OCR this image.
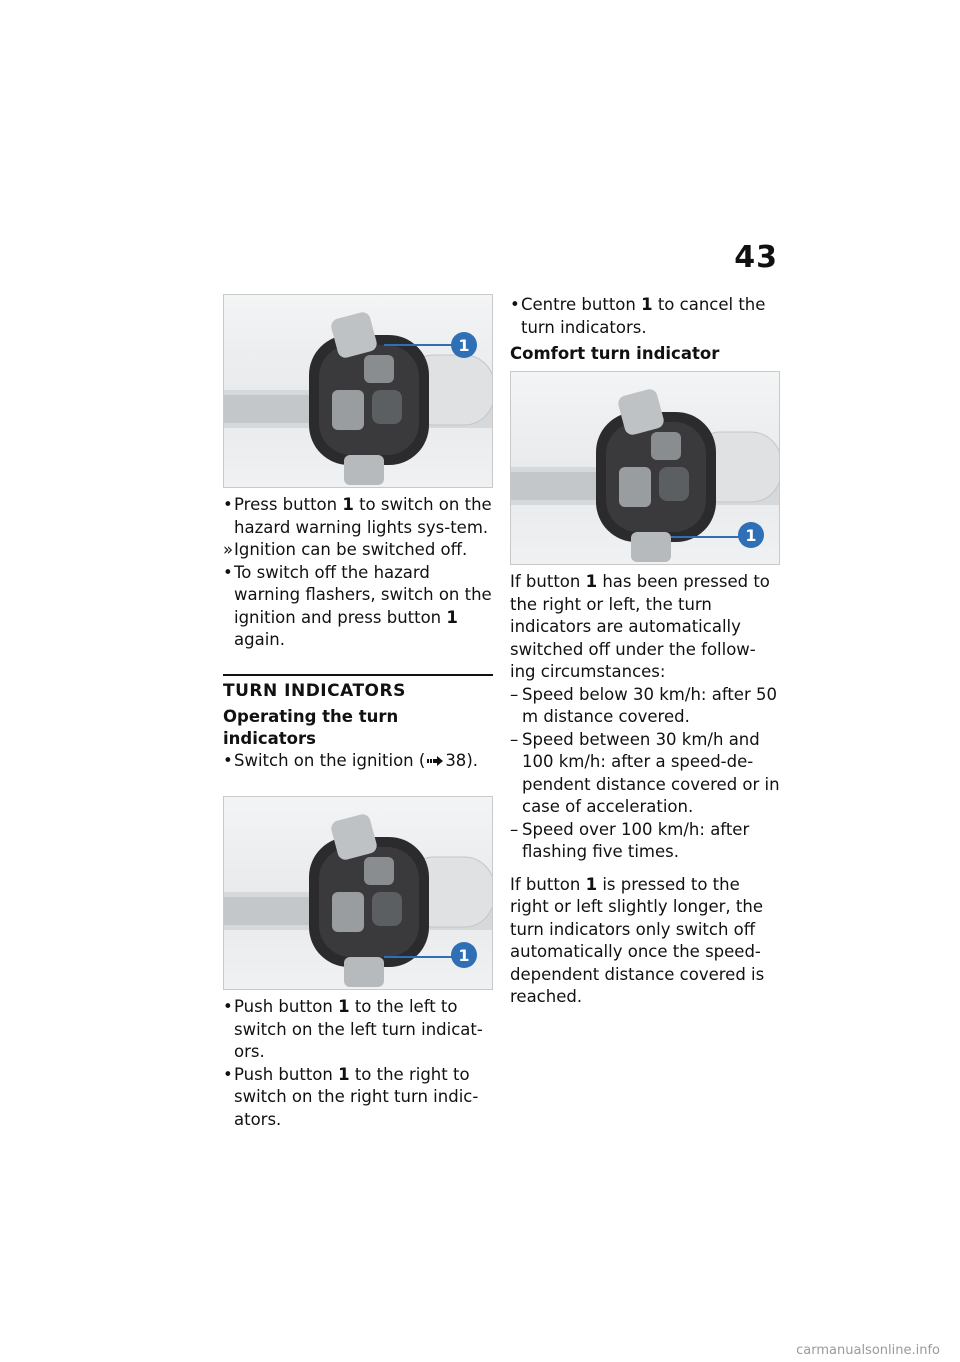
43
1
• Press button 1 to switch on the hazard warning lights sys-tem.
» Ignition can be switched off.
• To switch off the hazard warning flashers, switch on the ignition and press button 1 again.
TURN INDICATORS
Operating the turn indicators
• Switch on the ignition ( 38).
1
• Push button 1 to the left to switch on the left turn indicat-ors.
• Push button 1 to the right to switch on the right turn indic-ators.
• Centre button 1 to cancel the turn indicators.
Comfort turn indicator
1

If button 1 has been pressed to the right or left, the turn indicators are automatically switched off under the follow-ing circumstances:

– Speed below 30 km/h: after 50 m distance covered.
– Speed between 30 km/h and 100 km/h: after a speed-de-pendent distance covered or in case of acceleration.
– Speed over 100 km/h: after flashing five times.

If button 1 is pressed to the right or left slightly longer, the turn indicators only switch off automatically once the speed-dependent distance covered is reached.

carmanualsonline.info
